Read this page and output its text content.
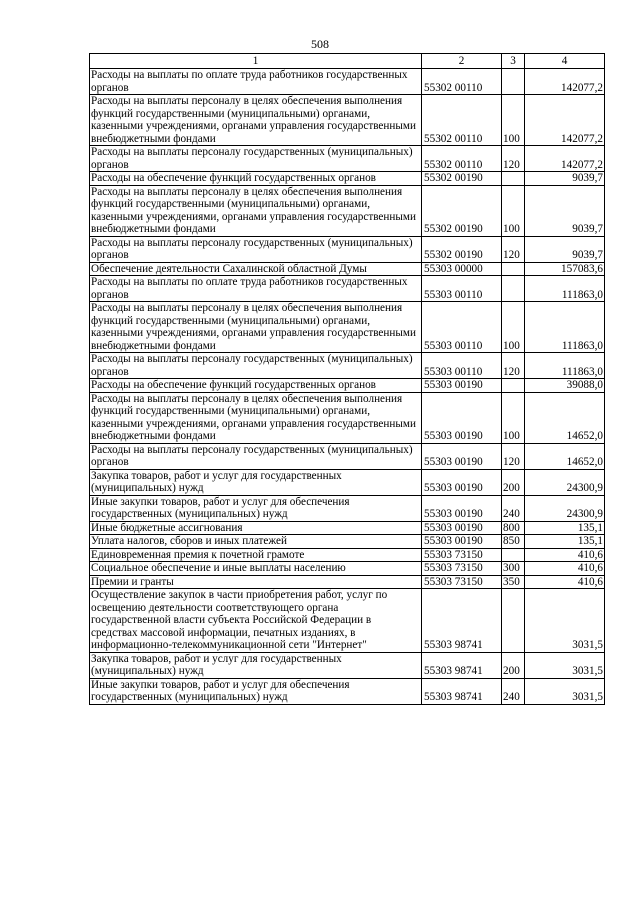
508
1	2	3	4
Расходы на выплаты по оплате труда работников государственных органов	55302 00110		142077,2
Расходы на выплаты персоналу в целях обеспечения выполнения функций государственными (муниципальными) органами, казенными учреждениями, органами управления государственными внебюджетными фондами	55302 00110	100	142077,2
Расходы на выплаты персоналу государственных (муниципальных) органов	55302 00110	120	142077,2
Расходы на обеспечение функций государственных органов	55302 00190		9039,7
Расходы на выплаты персоналу в целях обеспечения выполнения функций государственными (муниципальными) органами, казенными учреждениями, органами управления государственными внебюджетными фондами	55302 00190	100	9039,7
Расходы на выплаты персоналу государственных (муниципальных) органов	55302 00190	120	9039,7
Обеспечение деятельности Сахалинской областной Думы	55303 00000		157083,6
Расходы на выплаты по оплате труда работников государственных органов	55303 00110		111863,0
Расходы на выплаты персоналу в целях обеспечения выполнения функций государственными (муниципальными) органами, казенными учреждениями, органами управления государственными внебюджетными фондами	55303 00110	100	111863,0
Расходы на выплаты персоналу государственных (муниципальных) органов	55303 00110	120	111863,0
Расходы на обеспечение функций государственных органов	55303 00190		39088,0
Расходы на выплаты персоналу в целях обеспечения выполнения функций государственными (муниципальными) органами, казенными учреждениями, органами управления государственными внебюджетными фондами	55303 00190	100	14652,0
Расходы на выплаты персоналу государственных (муниципальных) органов	55303 00190	120	14652,0
Закупка товаров, работ и услуг для государственных (муниципальных) нужд	55303 00190	200	24300,9
Иные закупки товаров, работ и услуг для обеспечения государственных (муниципальных) нужд	55303 00190	240	24300,9
Иные бюджетные ассигнования	55303 00190	800	135,1
Уплата налогов, сборов и иных платежей	55303 00190	850	135,1
Единовременная премия к почетной грамоте	55303 73150		410,6
Социальное обеспечение и иные выплаты населению	55303 73150	300	410,6
Премии и гранты	55303 73150	350	410,6
Осуществление закупок в части приобретения работ, услуг по освещению деятельности соответствующего органа государственной власти субъекта Российской Федерации в средствах массовой информации, печатных изданиях, в информационно-телекоммуникационной сети "Интернет"	55303 98741		3031,5
Закупка товаров, работ и услуг для государственных (муниципальных) нужд	55303 98741	200	3031,5
Иные закупки товаров, работ и услуг для обеспечения государственных (муниципальных) нужд	55303 98741	240	3031,5
